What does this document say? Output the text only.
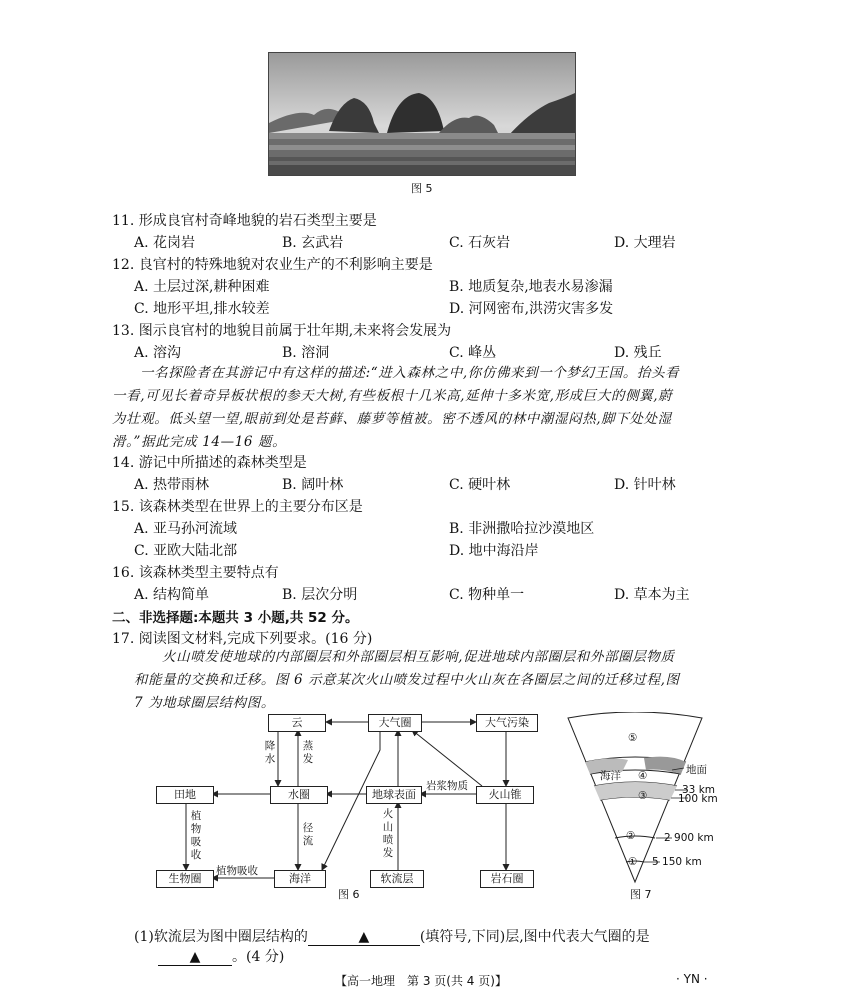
图 5
11. 形成良官村奇峰地貌的岩石类型主要是
A. 花岗岩	B. 玄武岩	C. 石灰岩	D. 大理岩
12. 良官村的特殊地貌对农业生产的不利影响主要是
A. 土层过深,耕种困难	B. 地质复杂,地表水易渗漏
C. 地形平坦,排水较差	D. 河网密布,洪涝灾害多发
13. 图示良官村的地貌目前属于壮年期,未来将会发展为
A. 溶沟	B. 溶洞	C. 峰丛	D. 残丘
一名探险者在其游记中有这样的描述:“进入森林之中,你仿佛来到一个梦幻王国。抬头看
一看,可见长着奇异板状根的参天大树,有些板根十几米高,延伸十多米宽,形成巨大的侧翼,蔚
为壮观。低头望一望,眼前到处是苔藓、藤萝等植被。密不透风的林中潮湿闷热,脚下处处湿
滑。”据此完成 14—16 题。
14. 游记中所描述的森林类型是
A. 热带雨林	B. 阔叶林	C. 硬叶林	D. 针叶林
15. 该森林类型在世界上的主要分布区是
A. 亚马孙河流域	B. 非洲撒哈拉沙漠地区
C. 亚欧大陆北部	D. 地中海沿岸
16. 该森林类型主要特点有
A. 结构简单	B. 层次分明	C. 物种单一	D. 草本为主
二、非选择题:本题共 3 小题,共 52 分。
17. 阅读图文材料,完成下列要求。(16 分)
火山喷发使地球的内部圈层和外部圈层相互影响,促进地球内部圈层和外部圈层物质
和能量的交换和迁移。图 6 示意某次火山喷发过程中火山灰在各圈层之间的迁移过程,图
7 为地球圈层结构图。
云	大气圈	大气污染
田地	水圈	地球表面	火山锥
生物圈	海洋	软流层	岩石圈
降水
蒸发
植物吸收
径流
植物吸收
火山喷发
岩浆物质
图 6
⑤
④
③
②
①
海洋	地面
33 km
100 km
2 900 km
5 150 km
图 7
(1)软流层为图中圈层结构的	▲	(填符号,下同)层,图中代表大气圈的是
▲ 。(4 分)
【高一地理　第 3 页(共 4 页)】	· YN ·
